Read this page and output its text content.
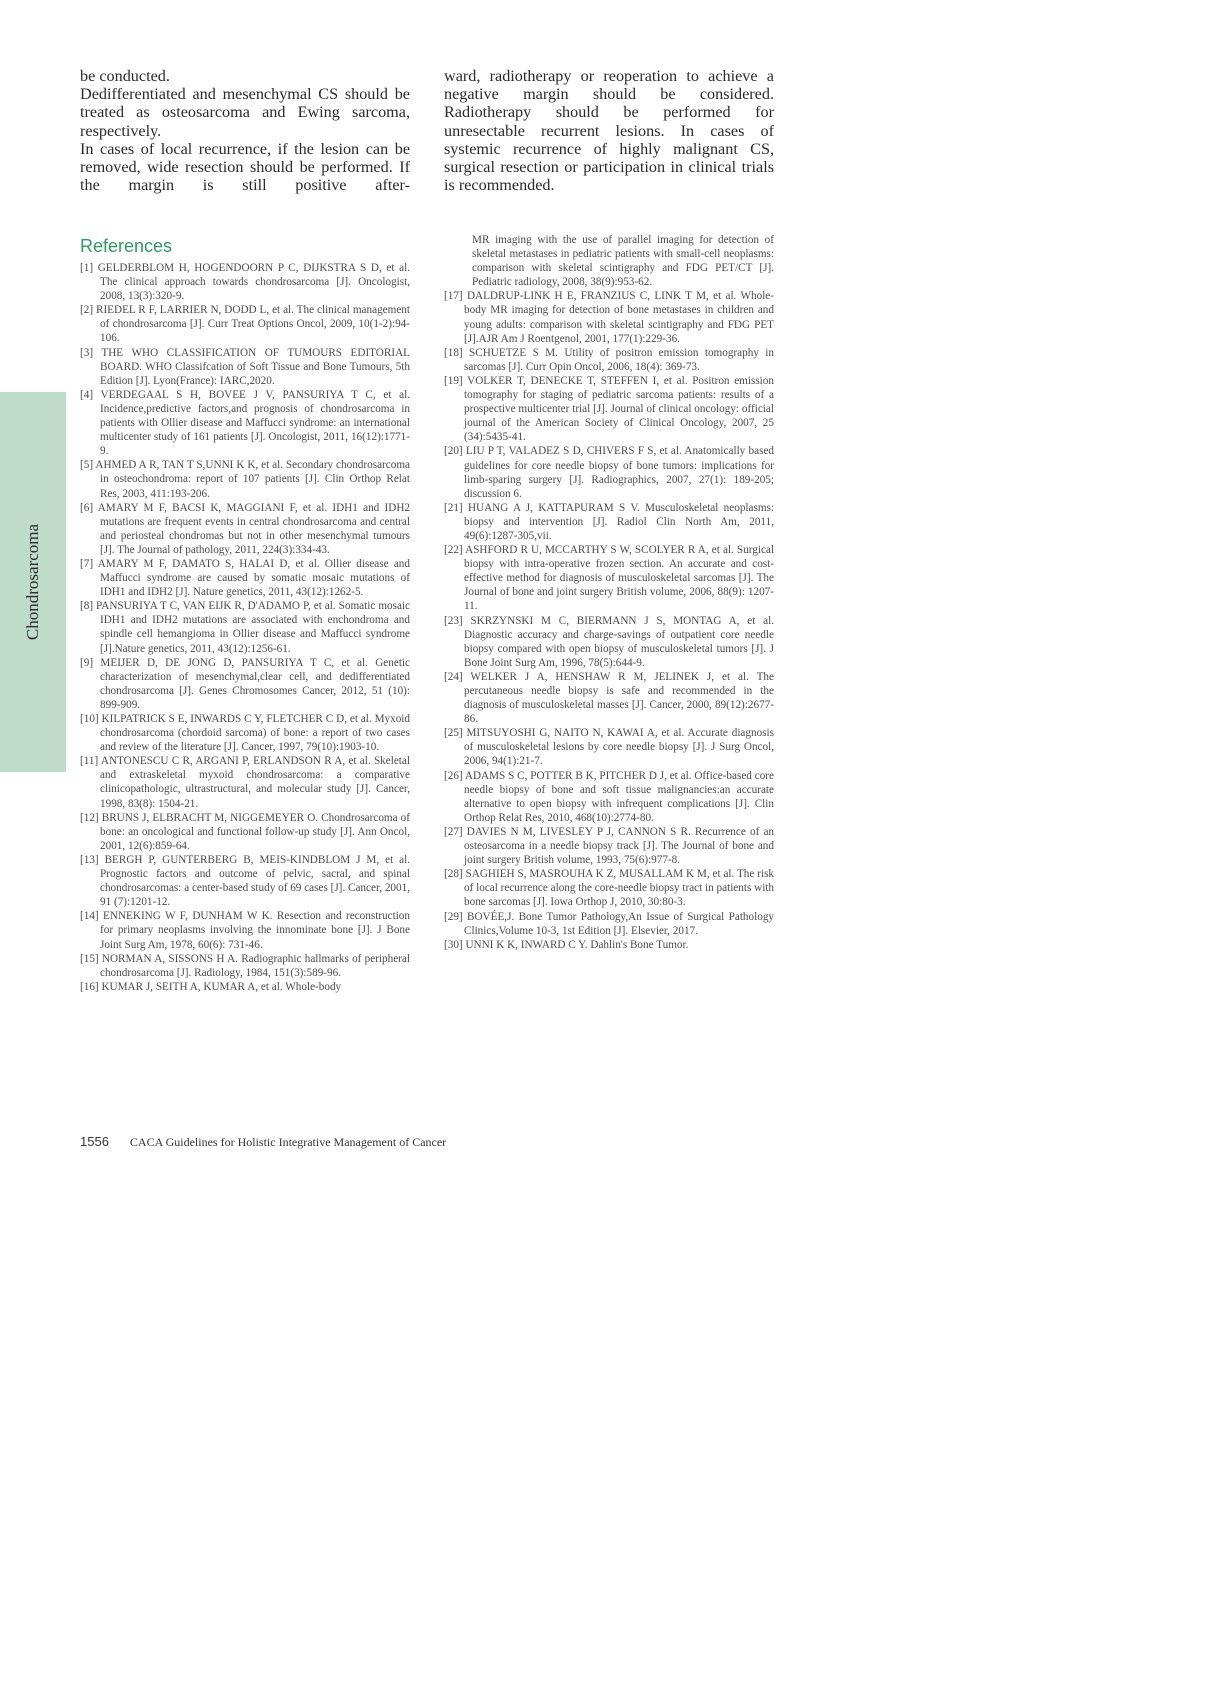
Chondrosarcoma

be conducted.

Dedifferentiated and mesenchymal CS should be treated as osteosarcoma and Ewing sarcoma, respectively.

In cases of local recurrence, if the lesion can be removed, wide resection should be performed. If the margin is still positive after-

ward, radiotherapy or reoperation to achieve a negative margin should be considered. Radiotherapy should be performed for unresectable recurrent lesions. In cases of systemic recurrence of highly malignant CS, surgical resection or participation in clinical trials is recommended.

References

[1] GELDERBLOM H, HOGENDOORN P C, DIJKSTRA S D, et al. The clinical approach towards chondrosarcoma [J]. Oncologist, 2008, 13(3):320-9.

[2] RIEDEL R F, LARRIER N, DODD L, et al. The clinical management of chondrosarcoma [J]. Curr Treat Options Oncol, 2009, 10(1-2):94-106.

[3] THE WHO CLASSIFICATION OF TUMOURS EDITORIAL BOARD. WHO Classifcation of Soft Tissue and Bone Tumours, 5th Edition [J]. Lyon(France): IARC,2020.

[4] VERDEGAAL S H, BOVEE J V, PANSURIYA T C, et al. Incidence,predictive factors,and prognosis of chondrosarcoma in patients with Ollier disease and Maffucci syndrome: an international multicenter study of 161 patients [J]. Oncologist, 2011, 16(12):1771-9.

[5] AHMED A R, TAN T S,UNNI K K, et al. Secondary chondrosarcoma in osteochondroma: report of 107 patients [J]. Clin Orthop Relat Res, 2003, 411:193-206.

[6] AMARY M F, BACSI K, MAGGIANI F, et al. IDH1 and IDH2 mutations are frequent events in central chondrosarcoma and central and periosteal chondromas but not in other mesenchymal tumours [J]. The Journal of pathology, 2011, 224(3):334-43.

[7] AMARY M F, DAMATO S, HALAI D, et al. Ollier disease and Maffucci syndrome are caused by somatic mosaic mutations of IDH1 and IDH2 [J]. Nature genetics, 2011, 43(12):1262-5.

[8] PANSURIYA T C, VAN EIJK R, D'ADAMO P, et al. Somatic mosaic IDH1 and IDH2 mutations are associated with enchondroma and spindle cell hemangioma in Ollier disease and Maffucci syndrome [J].Nature genetics, 2011, 43(12):1256-61.

[9] MEIJER D, DE JONG D, PANSURIYA T C, et al. Genetic characterization of mesenchymal,clear cell, and dedifferentiated chondrosarcoma [J]. Genes Chromosomes Cancer, 2012, 51 (10): 899-909.

[10] KILPATRICK S E, INWARDS C Y, FLETCHER C D, et al. Myxoid chondrosarcoma (chordoid sarcoma) of bone: a report of two cases and review of the literature [J]. Cancer, 1997, 79(10):1903-10.

[11] ANTONESCU C R, ARGANI P, ERLANDSON R A, et al. Skeletal and extraskeletal myxoid chondrosarcoma: a comparative clinicopathologic, ultrastructural, and molecular study [J]. Cancer, 1998, 83(8): 1504-21.

[12] BRUNS J, ELBRACHT M, NIGGEMEYER O. Chondrosarcoma of bone: an oncological and functional follow-up study [J]. Ann Oncol, 2001, 12(6):859-64.

[13] BERGH P, GUNTERBERG B, MEIS-KINDBLOM J M, et al. Prognostic factors and outcome of pelvic, sacral, and spinal chondrosarcomas: a center-based study of 69 cases [J]. Cancer, 2001, 91 (7):1201-12.

[14] ENNEKING W F, DUNHAM W K. Resection and reconstruction for primary neoplasms involving the innominate bone [J]. J Bone Joint Surg Am, 1978, 60(6): 731-46.

[15] NORMAN A, SISSONS H A. Radiographic hallmarks of peripheral chondrosarcoma [J]. Radiology, 1984, 151(3):589-96.

[16] KUMAR J, SEITH A, KUMAR A, et al. Whole-body

MR imaging with the use of parallel imaging for detection of skeletal metastases in pediatric patients with small-cell neoplasms: comparison with skeletal scintigraphy and FDG PET/CT [J]. Pediatric radiology, 2008, 38(9):953-62.

[17] DALDRUP-LINK H E, FRANZIUS C, LINK T M, et al. Whole-body MR imaging for detection of bone metastases in children and young adults: comparison with skeletal scintigraphy and FDG PET [J].AJR Am J Roentgenol, 2001, 177(1):229-36.

[18] SCHUETZE S M. Utility of positron emission tomography in sarcomas [J]. Curr Opin Oncol, 2006, 18(4): 369-73.

[19] VOLKER T, DENECKE T, STEFFEN I, et al. Positron emission tomography for staging of pediatric sarcoma patients: results of a prospective multicenter trial [J]. Journal of clinical oncology: official journal of the American Society of Clinical Oncology, 2007, 25 (34):5435-41.

[20] LIU P T, VALADEZ S D, CHIVERS F S, et al. Anatomically based guidelines for core needle biopsy of bone tumors: implications for limb-sparing surgery [J]. Radiographics, 2007, 27(1): 189-205; discussion 6.

[21] HUANG A J, KATTAPURAM S V. Musculoskeletal neoplasms: biopsy and intervention [J]. Radiol Clin North Am, 2011, 49(6):1287-305,vii.

[22] ASHFORD R U, MCCARTHY S W, SCOLYER R A, et al. Surgical biopsy with intra-operative frozen section. An accurate and cost-effective method for diagnosis of musculoskeletal sarcomas [J]. The Journal of bone and joint surgery British volume, 2006, 88(9): 1207-11.

[23] SKRZYNSKI M C, BIERMANN J S, MONTAG A, et al. Diagnostic accuracy and charge-savings of outpatient core needle biopsy compared with open biopsy of musculoskeletal tumors [J]. J Bone Joint Surg Am, 1996, 78(5):644-9.

[24] WELKER J A, HENSHAW R M, JELINEK J, et al. The percutaneous needle biopsy is safe and recommended in the diagnosis of musculoskeletal masses [J]. Cancer, 2000, 89(12):2677-86.

[25] MITSUYOSHI G, NAITO N, KAWAI A, et al. Accurate diagnosis of musculoskeletal lesions by core needle biopsy [J]. J Surg Oncol, 2006, 94(1):21-7.

[26] ADAMS S C, POTTER B K, PITCHER D J, et al. Office-based core needle biopsy of bone and soft tissue malignancies:an accurate alternative to open biopsy with infrequent complications [J]. Clin Orthop Relat Res, 2010, 468(10):2774-80.

[27] DAVIES N M, LIVESLEY P J, CANNON S R. Recurrence of an osteosarcoma in a needle biopsy track [J]. The Journal of bone and joint surgery British volume, 1993, 75(6):977-8.

[28] SAGHIEH S, MASROUHA K Z, MUSALLAM K M, et al. The risk of local recurrence along the core-needle biopsy tract in patients with bone sarcomas [J]. Iowa Orthop J, 2010, 30:80-3.

[29] BOVÉE,J. Bone Tumor Pathology,An Issue of Surgical Pathology Clinics,Volume 10-3, 1st Edition [J]. Elsevier, 2017.

[30] UNNI K K, INWARD C Y. Dahlin's Bone Tumor.

1556 CACA Guidelines for Holistic Integrative Management of Cancer
